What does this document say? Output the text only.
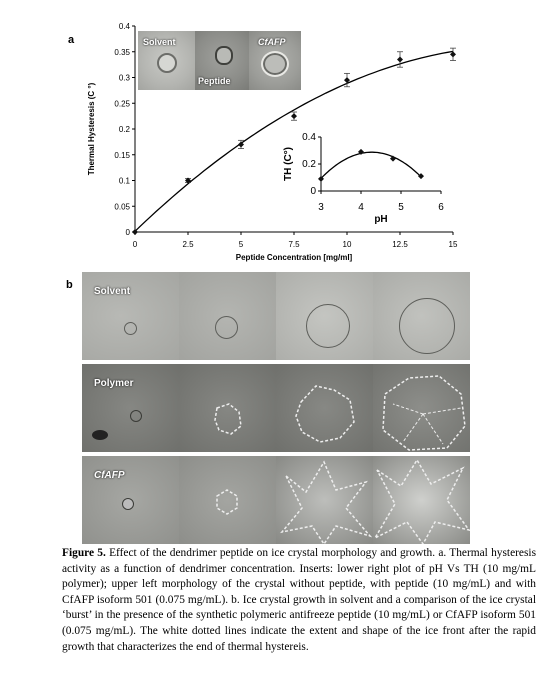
a
b
0	2.5	5	7.5	10	12.5	15
0
0.05
0.1
0.15
0.2
0.25
0.3
0.35
0.4
Peptide Concentration [mg/ml]
Thermal Hysteresis (C °)
3	4	5	6
0
0.2
0.4
pH
TH (C°)
Solvent
Peptide
CfAFP
Solvent
Polymer
CfAFP
Figure 5. Effect of the dendrimer peptide on ice crystal morphology and growth. a. Thermal hysteresis activity as a function of dendrimer concentration. Inserts: lower right plot of pH Vs TH (10 mg/mL polymer); upper left morphology of the crystal without peptide, with peptide (10 mg/mL) and with CfAFP isoform 501 (0.075 mg/mL). b. Ice crystal growth in solvent and a comparison of the ice crystal ‘burst’ in the presence of the synthetic polymeric antifreeze peptide (10 mg/mL) or CfAFP isoform 501 (0.075 mg/mL). The white dotted lines indicate the extent and shape of the ice front after the rapid growth that characterizes the end of thermal hystereis.
